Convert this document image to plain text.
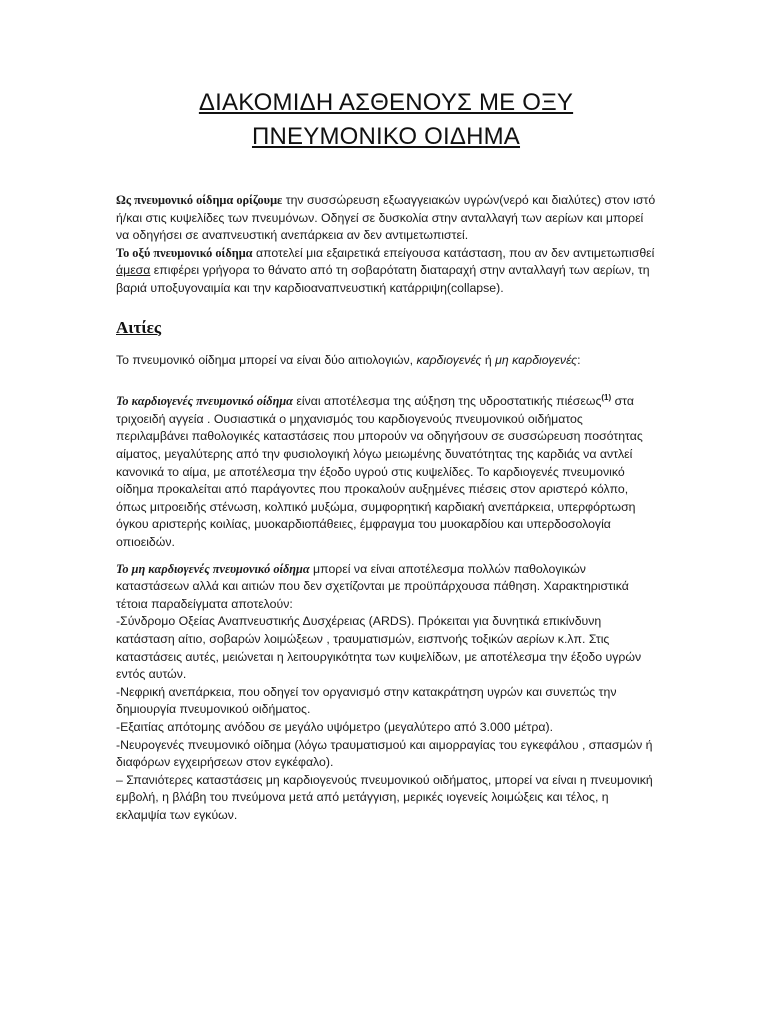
ΔΙΑΚΟΜΙΔΗ ΑΣΘΕΝΟΥΣ ΜΕ ΟΞΥ
ΠΝΕΥΜΟΝΙΚΟ ΟΙΔΗΜΑ

Ως πνευμονικό οίδημα ορίζουμε την συσσώρευση εξωαγγειακών υγρών(νερό και διαλύτες) στον ιστό ή/και στις κυψελίδες των πνευμόνων. Οδηγεί σε δυσκολία στην ανταλλαγή των αερίων και μπορεί να οδηγήσει σε αναπνευστική ανεπάρκεια αν δεν αντιμετωπιστεί.

Το οξύ πνευμονικό οίδημα αποτελεί μια εξαιρετικά επείγουσα κατάσταση, που αν δεν αντιμετωπισθεί άμεσα επιφέρει γρήγορα το θάνατο από τη σοβαρότατη διαταραχή στην ανταλλαγή των αερίων, τη βαριά υποξυγοναιμία και την καρδιοαναπνευστική κατάρριψη(collapse).

Αιτίες

Το πνευμονικό οίδημα μπορεί να είναι δύο αιτιολογιών, καρδιογενές ή μη καρδιογενές:

Το καρδιογενές πνευμονικό οίδημα είναι αποτέλεσμα της αύξηση της υδροστατικής πιέσεως$^{(1)}$ στα τριχοειδή αγγεία . Ουσιαστικά ο μηχανισμός του καρδιογενούς πνευμονικού οιδήματος περιλαμβάνει παθολογικές καταστάσεις που μπορούν να οδηγήσουν σε συσσώρευση ποσότητας αίματος, μεγαλύτερης από την φυσιολογική λόγω μειωμένης δυνατότητας της καρδιάς να αντλεί κανονικά το αίμα, με αποτέλεσμα την έξοδο υγρού στις κυψελίδες. Το καρδιογενές πνευμονικό οίδημα προκαλείται από παράγοντες που προκαλούν αυξημένες πιέσεις στον αριστερό κόλπο, όπως μιτροειδής στένωση, κολπικό μυξώμα, συμφορητική καρδιακή ανεπάρκεια, υπερφόρτωση όγκου αριστερής κοιλίας, μυοκαρδιοπάθειες, έμφραγμα του μυοκαρδίου και υπερδοσολογία οπιοειδών.

Το μη καρδιογενές πνευμονικό οίδημα μπορεί να είναι αποτέλεσμα πολλών παθολογικών καταστάσεων αλλά και αιτιών που δεν σχετίζονται με προϋπάρχουσα πάθηση. Χαρακτηριστικά τέτοια παραδείγματα αποτελούν:

-Σύνδρομο Οξείας Αναπνευστικής Δυσχέρειας (ARDS). Πρόκειται για δυνητικά επικίνδυνη κατάσταση αίτιο, σοβαρών λοιμώξεων , τραυματισμών, εισπνοής τοξικών αερίων κ.λπ. Στις καταστάσεις αυτές, μειώνεται η λειτουργικότητα των κυψελίδων, με αποτέλεσμα την έξοδο υγρών εντός αυτών.

-Νεφρική ανεπάρκεια, που οδηγεί τον οργανισμό στην κατακράτηση υγρών και συνεπώς την δημιουργία πνευμονικού οιδήματος.

-Εξαιτίας απότομης ανόδου σε μεγάλο υψόμετρο (μεγαλύτερο από 3.000 μέτρα).

-Νευρογενές πνευμονικό οίδημα (λόγω τραυματισμού και αιμορραγίας του εγκεφάλου , σπασμών ή διαφόρων εγχειρήσεων στον εγκέφαλο).

– Σπανιότερες καταστάσεις μη καρδιογενούς πνευμονικού οιδήματος, μπορεί να είναι η πνευμονική εμβολή, η βλάβη του πνεύμονα μετά από μετάγγιση, μερικές ιογενείς λοιμώξεις και τέλος, η εκλαμψία των εγκύων.
